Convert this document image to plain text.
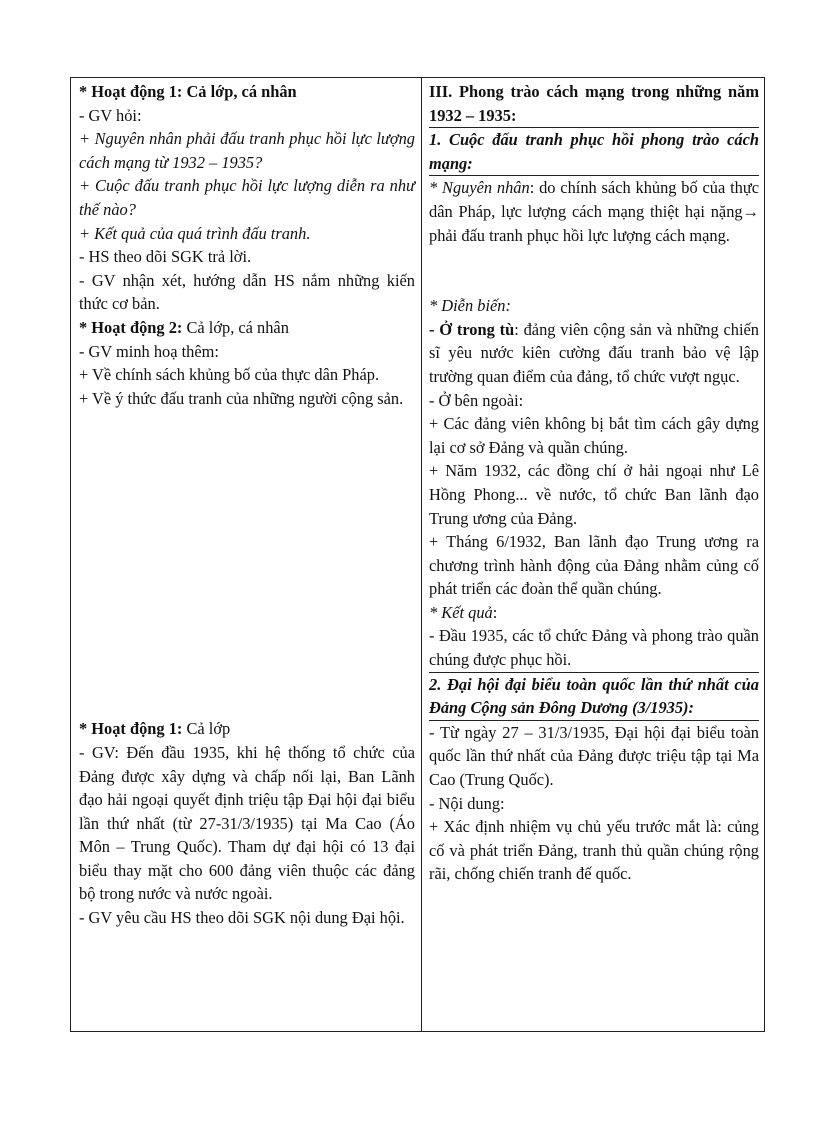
* Hoạt động 1: Cả lớp, cá nhân

- GV hỏi:

+ Nguyên nhân phải đấu tranh phục hồi lực lượng cách mạng từ 1932 – 1935?

+ Cuộc đấu tranh phục hồi lực lượng diễn ra như thế nào?

+ Kết quả của quá trình đấu tranh.

- HS theo dõi SGK trả lời.

- GV nhận xét, hướng dẫn HS nắm những kiến thức cơ bản.

* Hoạt động 2: Cả lớp, cá nhân

- GV minh hoạ thêm:

+ Về chính sách khủng bố của thực dân Pháp.

+ Về ý thức đấu tranh của những người cộng sản.

* Hoạt động 1: Cả lớp

- GV: Đến đầu 1935, khi hệ thống tổ chức của Đảng được xây dựng và chấp nối lại, Ban Lãnh đạo hải ngoại quyết định triệu tập Đại hội đại biểu lần thứ nhất (từ 27-31/3/1935) tại Ma Cao (Áo Môn – Trung Quốc). Tham dự đại hội có 13 đại biểu thay mặt cho 600 đảng viên thuộc các đảng bộ trong nước và nước ngoài.

- GV yêu cầu HS theo dõi SGK nội dung Đại hội.

III. Phong trào cách mạng trong những năm 1932 – 1935:

1. Cuộc đấu tranh phục hồi phong trào cách mạng:

* Nguyên nhân: do chính sách khủng bố của thực dân Pháp, lực lượng cách mạng thiệt hại nặng→ phải đấu tranh phục hồi lực lượng cách mạng.

* Diễn biến:

- Ở trong tù: đảng viên cộng sản và những chiến sĩ yêu nước kiên cường đấu tranh bảo vệ lập trường quan điểm của đảng, tổ chức vượt ngục.

- Ở bên ngoài:

+ Các đảng viên không bị bắt tìm cách gây dựng lại cơ sở Đảng và quần chúng.

+ Năm 1932, các đồng chí ở hải ngoại như Lê Hồng Phong... về nước, tổ chức Ban lãnh đạo Trung ương của Đảng.

+ Tháng 6/1932, Ban lãnh đạo Trung ương ra chương trình hành động của Đảng nhằm củng cố phát triển các đoàn thể quần chúng.

* Kết quả:

- Đầu 1935, các tổ chức Đảng và phong trào quần chúng được phục hồi.

2. Đại hội đại biểu toàn quốc lần thứ nhất của Đảng Cộng sản Đông Dương (3/1935):

- Từ ngày 27 – 31/3/1935, Đại hội đại biểu toàn quốc lần thứ nhất của Đảng được triệu tập tại Ma Cao (Trung Quốc).

- Nội dung:

+ Xác định nhiệm vụ chủ yếu trước mắt là: củng cố và phát triển Đảng, tranh thủ quần chúng rộng rãi, chống chiến tranh đế quốc.
